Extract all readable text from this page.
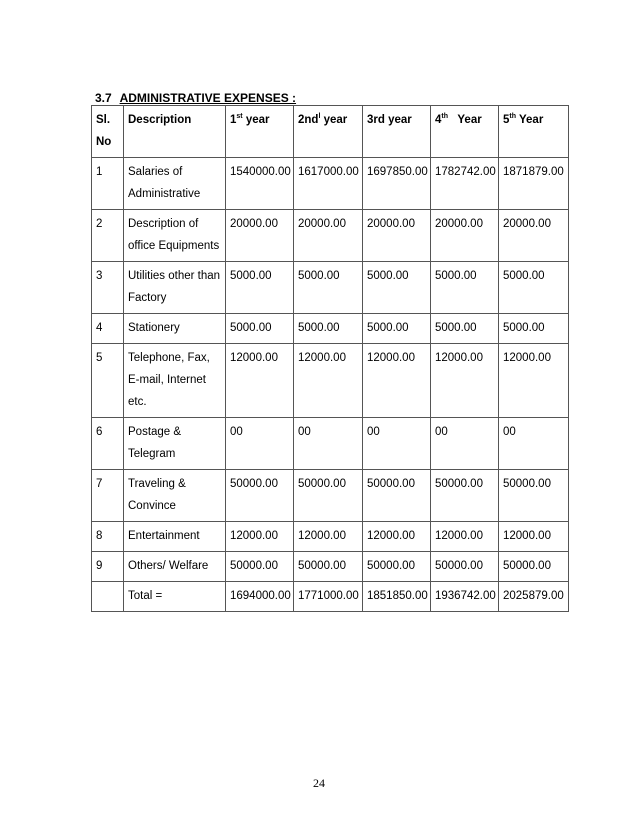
3.7 ADMINISTRATIVE EXPENSES :
Sl.
No	Description	1st year	$2nd^l$ year	3rd year	4th   Year	5th Year
1	Salaries of Administrative	1540000.00	1617000.00	1697850.00	1782742.00	1871879.00
2	Description of office Equipments	20000.00	20000.00	20000.00	20000.00	20000.00
3	Utilities other than Factory	5000.00	5000.00	5000.00	5000.00	5000.00
4	Stationery	5000.00	5000.00	5000.00	5000.00	5000.00
5	Telephone, Fax, E-mail, Internet etc.	12000.00	12000.00	12000.00	12000.00	12000.00
6	Postage & Telegram	00	00	00	00	00
7	Traveling & Convince	50000.00	50000.00	50000.00	50000.00	50000.00
8	Entertainment	12000.00	12000.00	12000.00	12000.00	12000.00
9	Others/ Welfare	50000.00	50000.00	50000.00	50000.00	50000.00
	Total =	1694000.00	1771000.00	1851850.00	1936742.00	2025879.00
24
